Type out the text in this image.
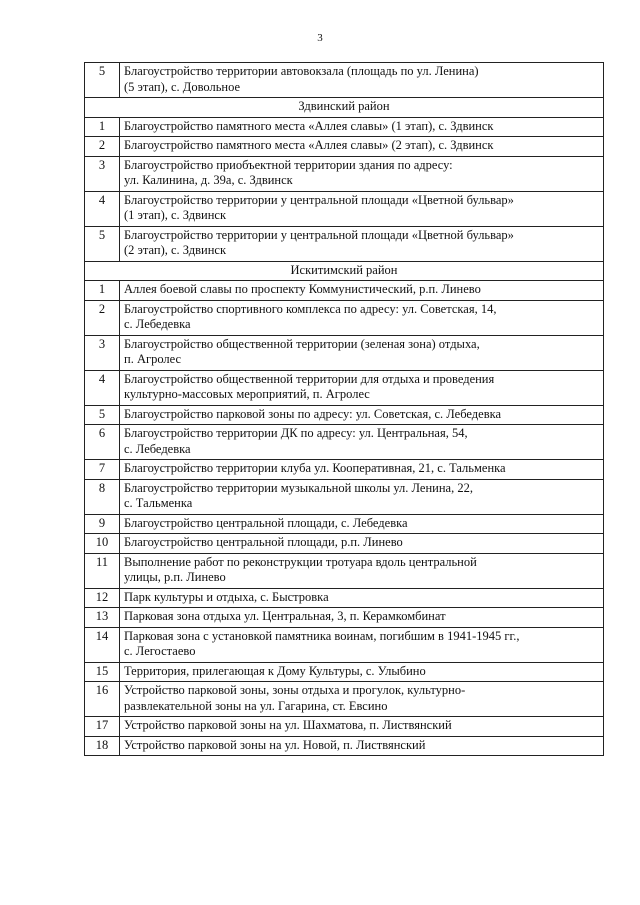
3
5	Благоустройство территории автовокзала (площадь по ул. Ленина)
(5 этап), с. Довольное
Здвинский район	
1	Благоустройство памятного места «Аллея славы» (1 этап), с. Здвинск
2	Благоустройство памятного места «Аллея славы» (2 этап), с. Здвинск
3	Благоустройство приобъектной территории здания по адресу:
ул. Калинина, д. 39а, с. Здвинск
4	Благоустройство территории у центральной площади «Цветной бульвар»
(1 этап), с. Здвинск
5	Благоустройство территории у центральной площади «Цветной бульвар»
(2 этап), с. Здвинск
Искитимский район	
1	Аллея боевой славы по проспекту Коммунистический, р.п. Линево
2	Благоустройство спортивного комплекса по адресу: ул. Советская, 14,
с. Лебедевка
3	Благоустройство общественной территории (зеленая зона) отдыха,
п. Агролес
4	Благоустройство общественной территории для отдыха и проведения
культурно-массовых мероприятий, п. Агролес
5	Благоустройство парковой зоны по адресу: ул. Советская, с. Лебедевка
6	Благоустройство территории ДК по адресу: ул. Центральная, 54,
с. Лебедевка
7	Благоустройство территории клуба ул. Кооперативная, 21, с. Тальменка
8	Благоустройство территории музыкальной школы ул. Ленина, 22,
с. Тальменка
9	Благоустройство центральной площади, с. Лебедевка
10	Благоустройство центральной площади, р.п. Линево
11	Выполнение работ по реконструкции тротуара вдоль центральной
улицы, р.п. Линево
12	Парк культуры и отдыха, с. Быстровка
13	Парковая зона отдыха ул. Центральная, 3, п. Керамкомбинат
14	Парковая зона с установкой памятника воинам, погибшим в 1941-1945 гг.,
с. Легостаево
15	Территория, прилегающая к Дому Культуры, с. Улыбино
16	Устройство парковой зоны, зоны отдыха и прогулок, культурно-
развлекательной зоны на ул. Гагарина, ст. Евсино
17	Устройство парковой зоны на ул. Шахматова, п. Листвянский
18	Устройство парковой зоны на ул. Новой, п. Листвянский
